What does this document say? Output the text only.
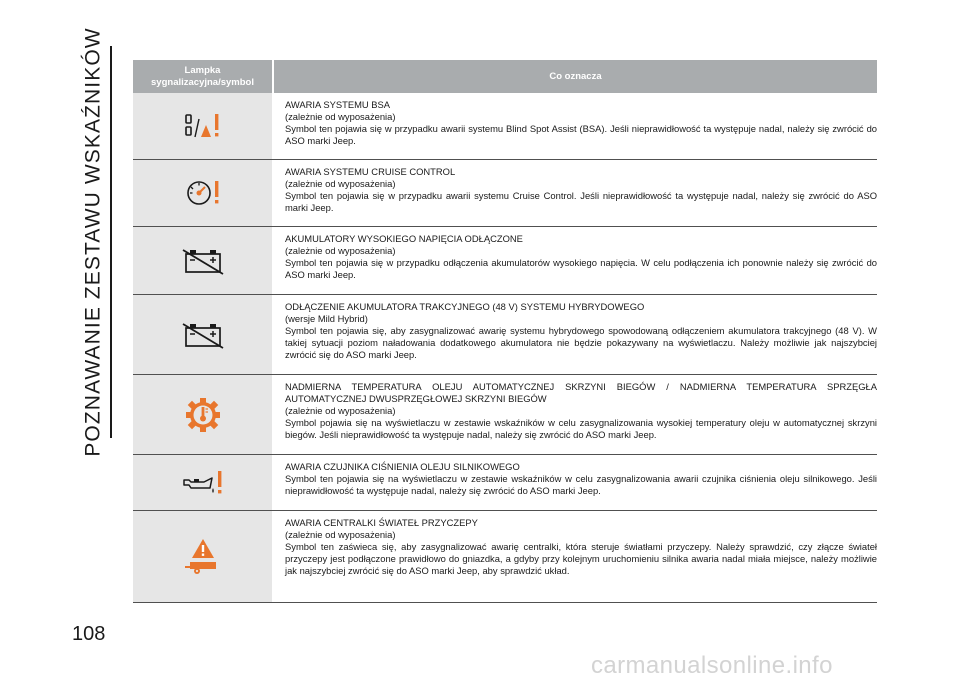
POZNAWANIE ZESTAWU WSKAŹNIKÓW	Lampka sygnalizacyjna/symbol
Co oznacza
AWARIA SYSTEMU BSA
(zależnie od wyposażenia)
Symbol ten pojawia się w przypadku awarii systemu Blind Spot Assist (BSA). Jeśli nieprawidłowość ta występuje nadal, należy się zwrócić do ASO marki Jeep.
AWARIA SYSTEMU CRUISE CONTROL
(zależnie od wyposażenia)
Symbol ten pojawia się w przypadku awarii systemu Cruise Control. Jeśli nieprawidłowość ta występuje nadal, należy się zwrócić do ASO marki Jeep.
AKUMULATORY WYSOKIEGO NAPIĘCIA ODŁĄCZONE
(zależnie od wyposażenia)
Symbol ten pojawia się w przypadku odłączenia akumulatorów wysokiego napięcia. W celu podłączenia ich ponownie należy się zwrócić do ASO marki Jeep.
ODŁĄCZENIE AKUMULATORA TRAKCYJNEGO (48 V) SYSTEMU HYBRYDOWEGO
(wersje Mild Hybrid)
Symbol ten pojawia się, aby zasygnalizować awarię systemu hybrydowego spowodowaną odłączeniem akumulatora trakcyjnego (48 V). W takiej sytuacji poziom naładowania dodatkowego akumulatora nie będzie pokazywany na wyświetlaczu. Należy możliwie jak najszybciej zwrócić się do ASO marki Jeep.
NADMIERNA TEMPERATURA OLEJU AUTOMATYCZNEJ SKRZYNI BIEGÓW / NADMIERNA TEMPERATURA SPRZĘGŁA AUTOMATYCZNEJ DWUSPRZĘGŁOWEJ SKRZYNI BIEGÓW
(zależnie od wyposażenia)
Symbol pojawia się na wyświetlaczu w zestawie wskaźników w celu zasygnalizowania wysokiej temperatury oleju w automatycznej skrzyni biegów. Jeśli nieprawidłowość ta występuje nadal, należy się zwrócić do ASO marki Jeep.
AWARIA CZUJNIKA CIŚNIENIA OLEJU SILNIKOWEGO
Symbol ten pojawia się na wyświetlaczu w zestawie wskaźników w celu zasygnalizowania awarii czujnika ciśnienia oleju silnikowego. Jeśli nieprawidłowość ta występuje nadal, należy się zwrócić do ASO marki Jeep.
AWARIA CENTRALKI ŚWIATEŁ PRZYCZEPY
(zależnie od wyposażenia)
Symbol ten zaświeca się, aby zasygnalizować awarię centralki, która steruje światłami przyczepy. Należy sprawdzić, czy złącze świateł przyczepy jest podłączone prawidłowo do gniazdka, a gdyby przy kolejnym uruchomieniu silnika awaria nadal miała miejsce, należy możliwie jak najszybciej zwrócić się do ASO marki Jeep, aby sprawdzić układ.
108
carmanualsonline.info
